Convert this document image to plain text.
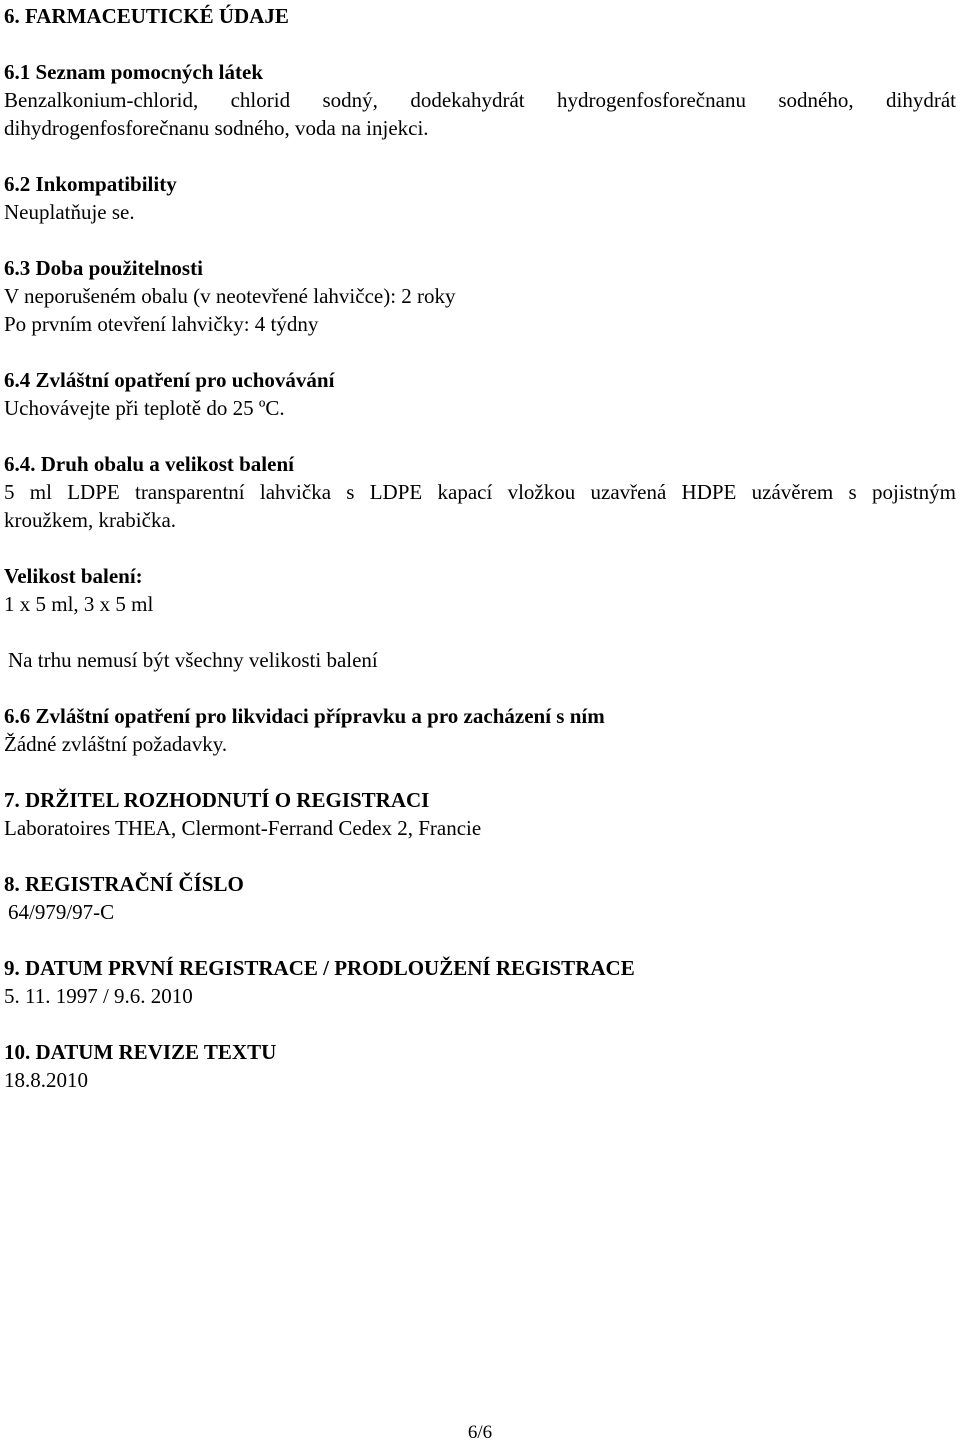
6. FARMACEUTICKÉ ÚDAJE

6.1 Seznam pomocných látek

Benzalkonium-chlorid, chlorid sodný, dodekahydrát hydrogenfosforečnanu sodného, dihydrát

dihydrogenfosforečnanu sodného, voda na injekci.

6.2 Inkompatibility

Neuplatňuje se.

6.3 Doba použitelnosti

V neporušeném obalu (v neotevřené lahvičce): 2 roky

Po prvním otevření lahvičky: 4 týdny

6.4 Zvláštní opatření pro uchovávání

Uchovávejte při teplotě do 25 ºC.

6.4. Druh obalu a velikost balení

5 ml LDPE transparentní lahvička s LDPE kapací vložkou uzavřená HDPE uzávěrem s pojistným

kroužkem, krabička.

Velikost balení:

1 x 5 ml, 3 x 5 ml

Na trhu nemusí být všechny velikosti balení

6.6 Zvláštní opatření pro likvidaci přípravku a pro zacházení s ním

Žádné zvláštní požadavky.

7. DRŽITEL ROZHODNUTÍ O REGISTRACI

Laboratoires THEA, Clermont-Ferrand Cedex 2, Francie

8. REGISTRAČNÍ ČÍSLO

64/979/97-C

9. DATUM PRVNÍ REGISTRACE / PRODLOUŽENÍ REGISTRACE

5. 11. 1997 / 9.6. 2010

10. DATUM REVIZE TEXTU

18.8.2010

6/6
